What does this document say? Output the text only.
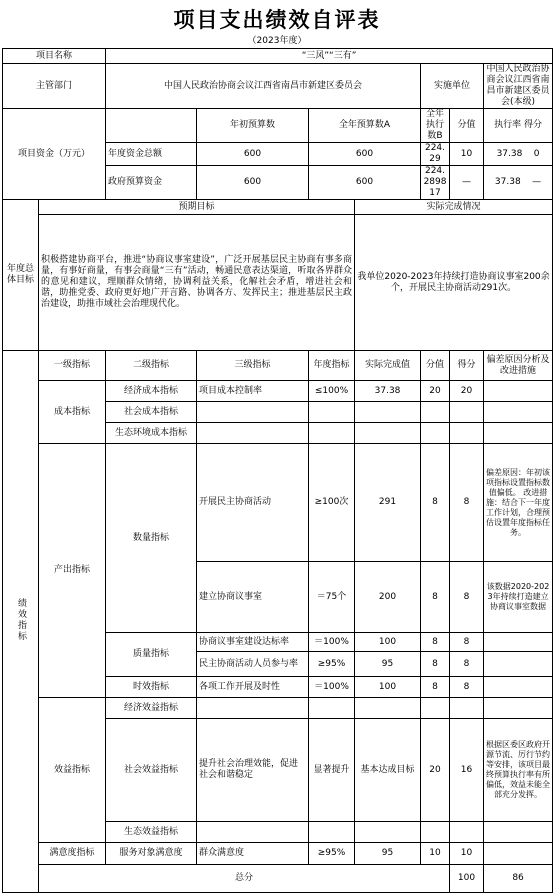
项目支出绩效自评表
（2023年度）
项目名称		“三风”“三有”							
主管部门		中国人民政治协商会议江西省南昌市新建区委员会				实施单位		中国人民政治协商会议江西省南昌市新建区委员会(本级)	
项目资金（万元）			年初预算数	全年预算数A		全年执行数B	分值	执行率 得分	
		年度资金总额	600	600		224.29	10	37.38 0	
		政府预算资金	600	600		224.289817	—	37.38 —	
年度总体目标	预期目标				实际完成情况				
	积极搭建协商平台，推进“协商议事室建设”，广泛开展基层民主协商有事多商量，有事好商量，有事会商量“三有”活动，畅通民意表达渠道，听取各界群众的意见和建议，理顺群众情绪，协调利益关系，化解社会矛盾，增进社会和谐，助推党委、政府更好地广开言路、协调各方、发挥民主；推进基层民主政治建设，助推市域社会治理现代化。				我单位2020-2023年持续打造协商议事室200余个，开展民主协商活动291次。				
绩效指标	一级指标	二级指标	三级指标	年度指标	实际完成值	分值	得分	偏差原因分析及改进措施	
	成本指标	经济成本指标	项目成本控制率	≤100%	37.38	20	20		
		社会成本指标							
		生态环境成本指标							
	产出指标	数量指标	开展民主协商活动	≥100次	291	8	8	偏差原因：年初该项指标设置指标数值偏低。 改进措施：结合下一年度工作计划，合理预估设置年度指标任务。	
			建立协商议事室	＝75个	200	8	8	该数据2020-2023年持续打造建立协商议事室数据	
		质量指标	协商议事室建设达标率	＝100%	100	8	8		
			民主协商活动人员参与率	≥95%	95	8	8		
		时效指标	各项工作开展及时性	＝100%	100	8	8		
	效益指标	经济效益指标							
		社会效益指标	提升社会治理效能，促进社会和谐稳定	显著提升	基本达成目标	20	16	根据区委区政府开源节流、厉行节约等安排，该项目最终预算执行率有所偏低，效益未能全部充分发挥。	
		生态效益指标							
	满意度指标	服务对象满意度	群众满意度	≥95%	95	10	10		
	总分						100	86	
